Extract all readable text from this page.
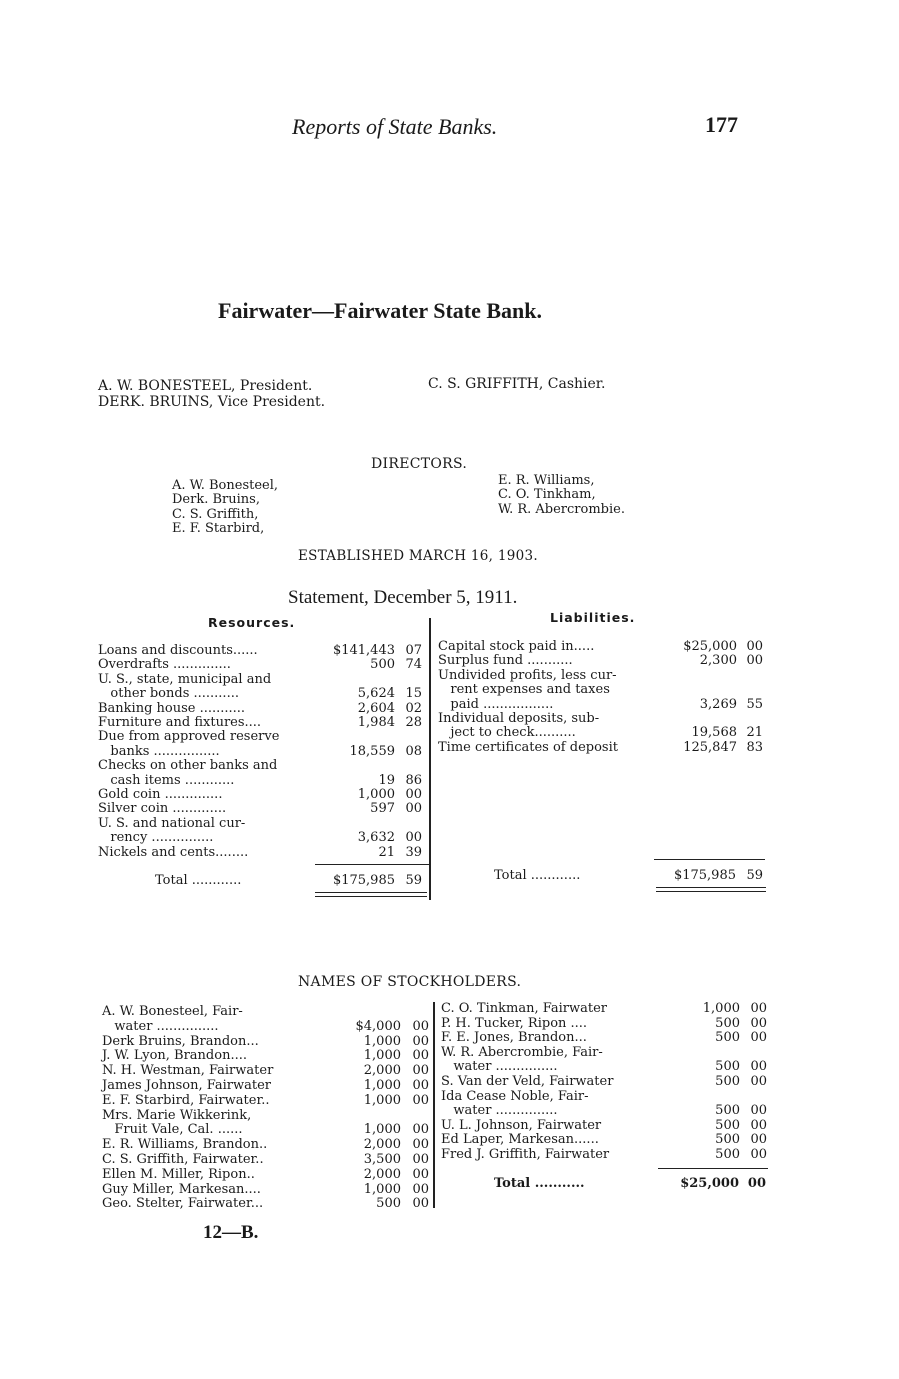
Reports of State Banks.	177
Fairwater—Fairwater State Bank.
A. W. BONESTEEL, President.
DERK. BRUINS, Vice President.
C. S. GRIFFITH, Cashier.
DIRECTORS.
A. W. Bonesteel,
Derk. Bruins,
C. S. Griffith,
E. F. Starbird,
E. R. Williams,
C. O. Tinkham,
W. R. Abercrombie.
ESTABLISHED MARCH 16, 1903.
Statement, December 5, 1911.
Resources.	Liabilities.
Loans and discounts......	$141,443 07
Overdrafts ..............	500 74
U. S., state, municipal and
other bonds ...........	5,624 15
Banking house ...........	2,604 02
Furniture and fixtures....	1,984 28
Due from approved reserve
banks ................	18,559 08
Checks on other banks and
cash items ............	19 86
Gold coin ..............	1,000 00
Silver coin .............	597 00
U. S. and national cur-
rency ...............	3,632 00
Nickels and cents........	21 39
Capital stock paid in.....	$25,000 00
Surplus fund ...........	2,300 00
Undivided profits, less cur-
rent expenses and taxes
paid .................	3,269 55
Individual deposits, sub-
ject to check..........	19,568 21
Time certificates of deposit	125,847 83
Total ............	$175,985 59	Total ............	$175,985 59
NAMES OF STOCKHOLDERS.
A. W. Bonesteel, Fair-
water ...............	$4,000 00
Derk Bruins, Brandon...	1,000 00
J. W. Lyon, Brandon....	1,000 00
N. H. Westman, Fairwater	2,000 00
James Johnson, Fairwater	1,000 00
E. F. Starbird, Fairwater..	1,000 00
Mrs. Marie Wikkerink,
Fruit Vale, Cal. ......	1,000 00
E. R. Williams, Brandon..	2,000 00
C. S. Griffith, Fairwater..	3,500 00
Ellen M. Miller, Ripon..	2,000 00
Guy Miller, Markesan....	1,000 00
Geo. Stelter, Fairwater...	500 00
C. O. Tinkman, Fairwater	1,000 00
P. H. Tucker, Ripon ....	500 00
F. E. Jones, Brandon...	500 00
W. R. Abercrombie, Fair-
water ...............	500 00
S. Van der Veld, Fairwater	500 00
Ida Cease Noble, Fair-
water ...............	500 00
U. L. Johnson, Fairwater	500 00
Ed Laper, Markesan......	500 00
Fred J. Griffith, Fairwater	500 00
Total ...........	$25,000 00
12—B.
